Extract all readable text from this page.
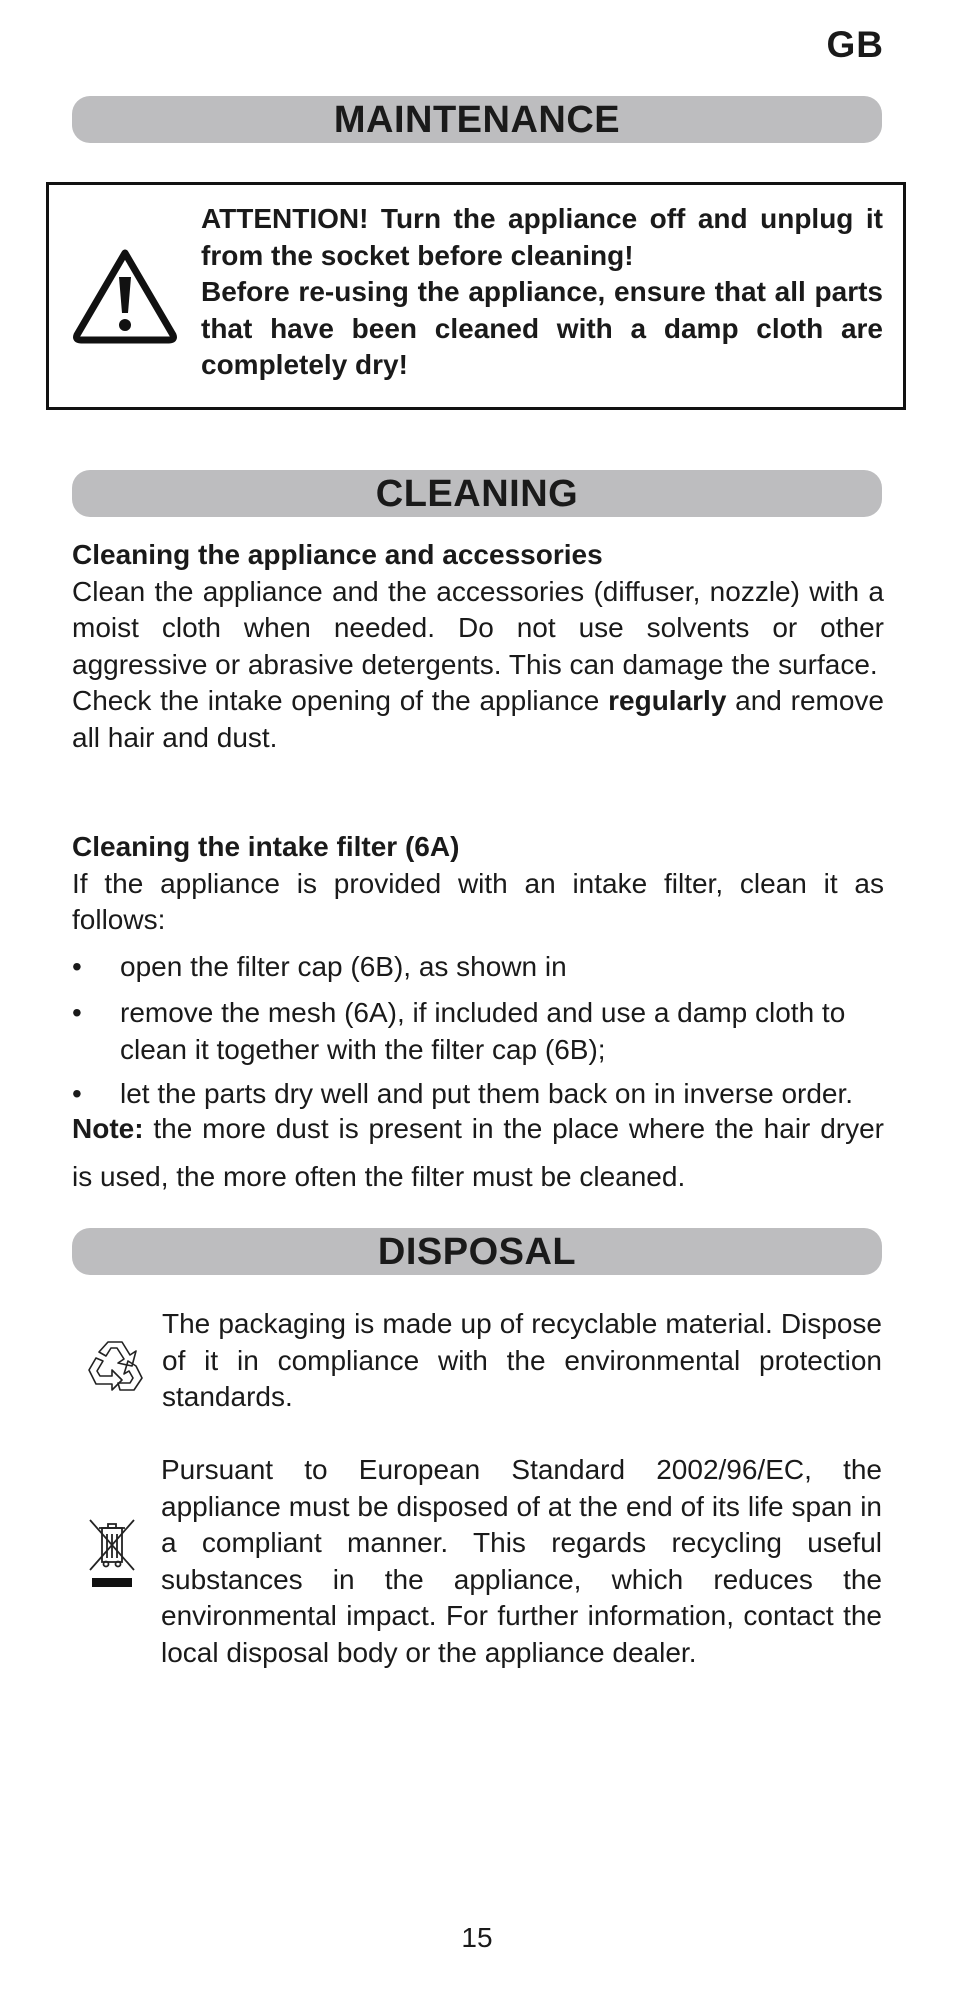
GB
MAINTENANCE

ATTENTION! Turn the appliance off and unplug it from the socket before cleaning!

Before re-using the appliance, ensure that all parts that have been cleaned with a damp cloth are completely dry!

CLEANING

Cleaning the appliance and accessories

Clean the appliance and the accessories (diffuser, nozzle) with a moist cloth when needed. Do not use solvents or other aggressive or abrasive detergents. This can damage the surface.

Check the intake opening of the appliance regularly and remove all hair and dust.

Cleaning the intake filter (6A)

If the appliance is provided with an intake filter, clean it as follows:

• open the filter cap (6B), as shown in
• remove the mesh (6A), if included and use a damp cloth to clean it together with the filter cap (6B);
• let the parts dry well and put them back on in inverse order.

Note: the more dust is present in the place where the hair dryer is used, the more often the filter must be cleaned.

DISPOSAL

The packaging is made up of recyclable material. Dispose of it in compliance with the environmental protection standards.

Pursuant to European Standard 2002/96/EC, the appliance must be disposed of at the end of its life span in a compliant manner. This regards recycling useful substances in the appliance, which reduces the environmental impact. For further information, contact the local disposal body or the appliance dealer.

15
